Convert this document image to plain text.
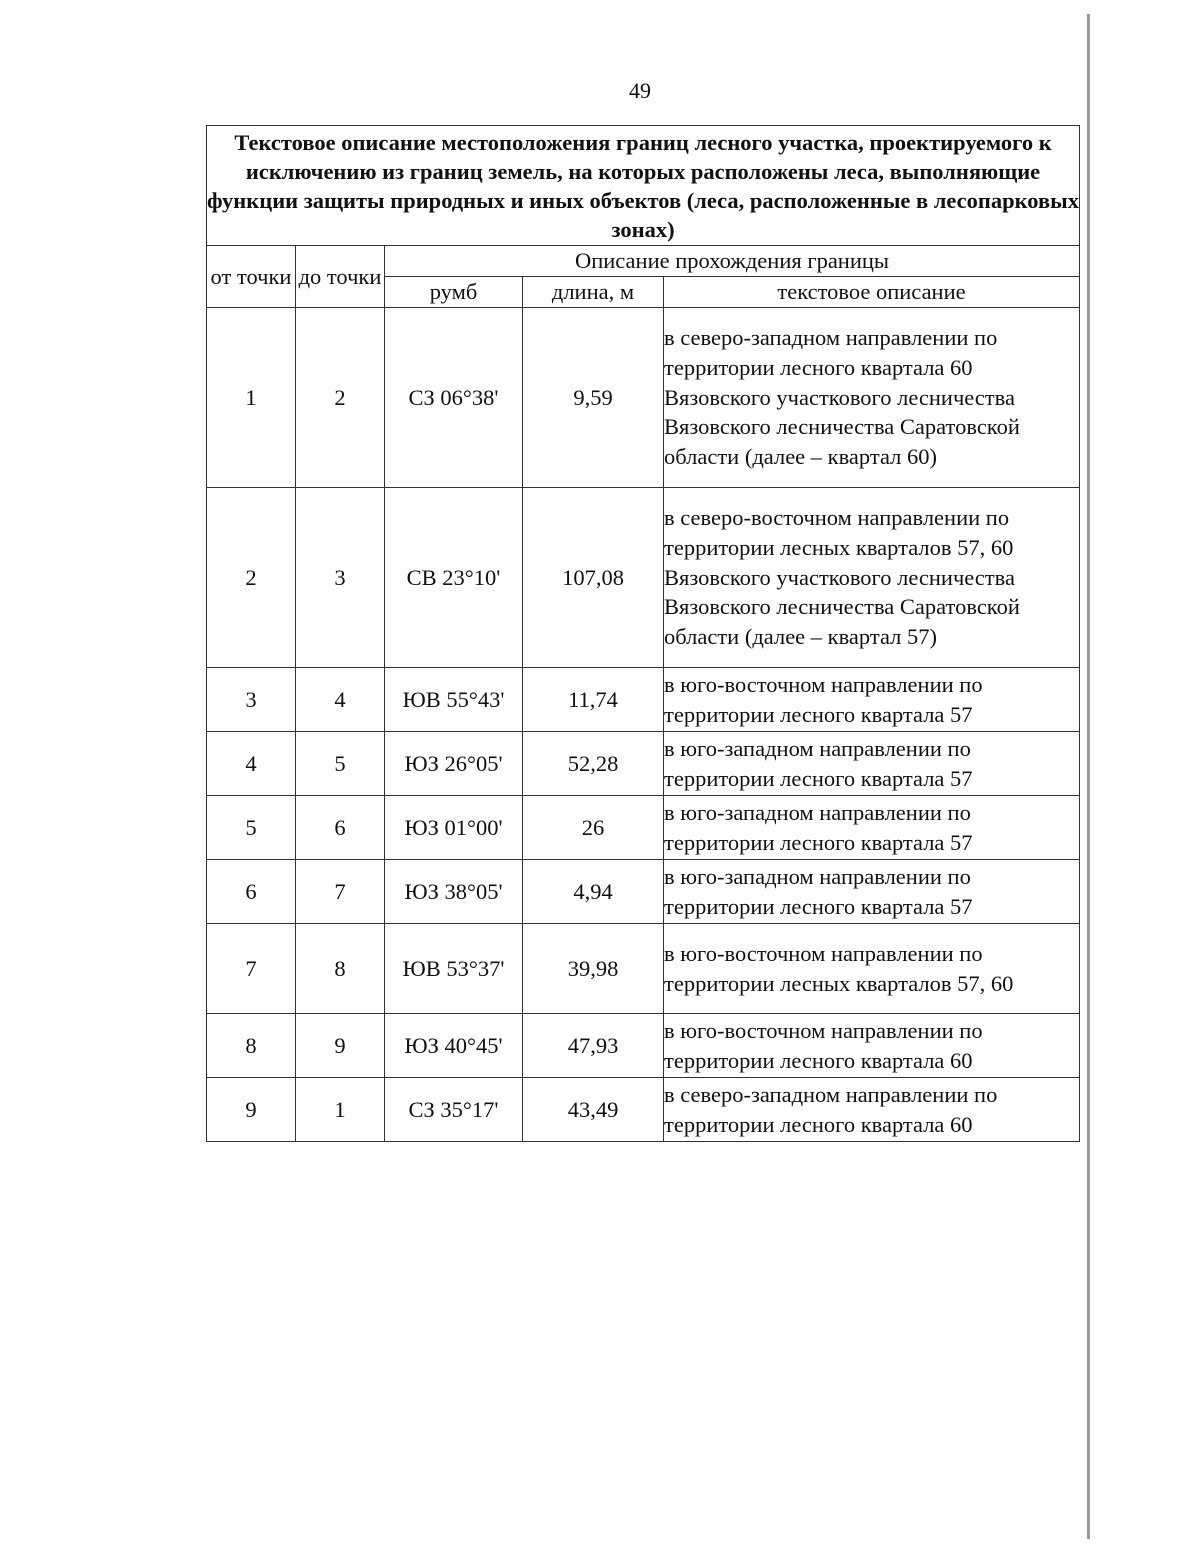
49
Текстовое описание местоположения границ лесного участка, проектируемого к исключению из границ земель, на которых расположены леса, выполняющие функции защиты природных и иных объектов (леса, расположенные в лесопарковых зонах)				
от точки	до точки	Описание прохождения границы		
		румб	длина, м	текстовое описание
1	2	СЗ 06°38'	9,59	в северо-западном направлении по территории лесного квартала 60 Вязовского участкового лесничества Вязовского лесничества Саратовской области (далее – квартал 60)
2	3	СВ 23°10'	107,08	в северо-восточном направлении по территории лесных кварталов 57, 60 Вязовского участкового лесничества Вязовского лесничества Саратовской области (далее – квартал 57)
3	4	ЮВ 55°43'	11,74	в юго-восточном направлении по территории лесного квартала 57
4	5	ЮЗ 26°05'	52,28	в юго-западном направлении по территории лесного квартала 57
5	6	ЮЗ 01°00'	26	в юго-западном направлении по территории лесного квартала 57
6	7	ЮЗ 38°05'	4,94	в юго-западном направлении по территории лесного квартала 57
7	8	ЮВ 53°37'	39,98	в юго-восточном направлении по территории лесных кварталов 57, 60
8	9	ЮЗ 40°45'	47,93	в юго-восточном направлении по территории лесного квартала 60
9	1	СЗ 35°17'	43,49	в северо-западном направлении по территории лесного квартала 60
